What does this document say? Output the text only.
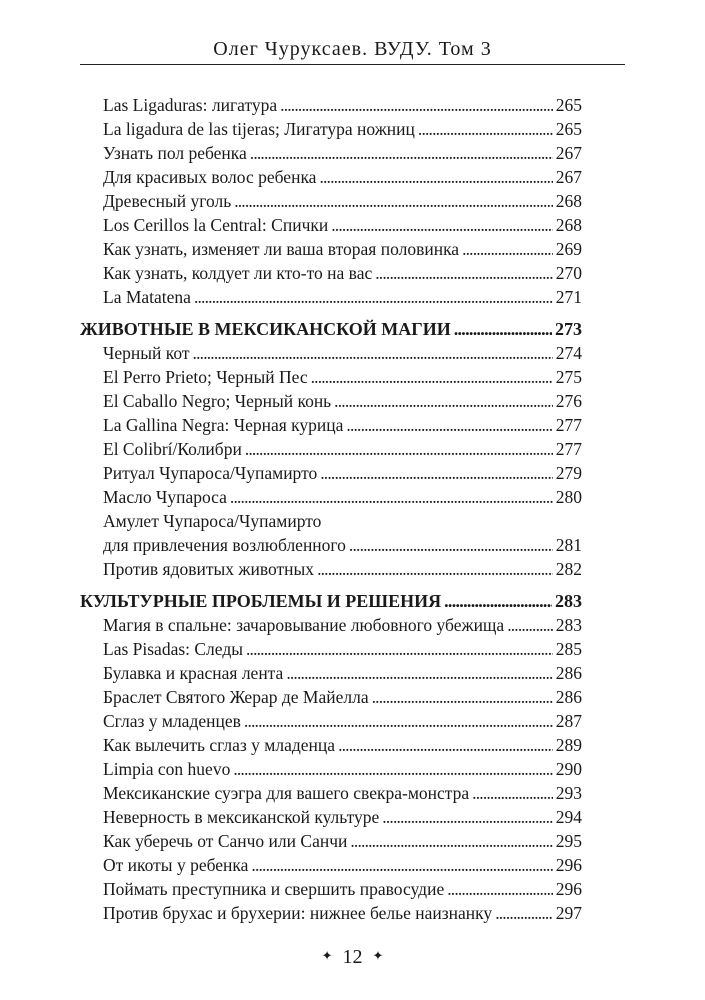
Олег Чуруксаев. ВУДУ. Том 3
Las Ligaduras: лигатура . . .	265
La ligadura de las tijeras; Лигатура ножниц . . .	265
Узнать пол ребенка . . .	267
Для красивых волос ребенка . . .	267
Древесный уголь . . .	268
Los Cerillos la Central: Спички . . .	268
Как узнать, изменяет ли ваша вторая половинка . . .	269
Как узнать, колдует ли кто-то на вас . . .	270
La Matatena . . .	271
ЖИВОТНЫЕ В МЕКСИКАНСКОЙ МАГИИ . . .	273
Черный кот . . .	274
El Perro Prieto; Черный Пес . . .	275
El Caballo Negro; Черный конь . . .	276
La Gallina Negra: Черная курица . . .	277
El Colibrí/Колибри . . .	277
Ритуал Чупароса/Чупамирто . . .	279
Масло Чупароса . . .	280
Амулет Чупароса/Чупамирто
для привлечения возлюбленного . . .	281
Против ядовитых животных . . .	282
КУЛЬТУРНЫЕ ПРОБЛЕМЫ И РЕШЕНИЯ . . .	283
Магия в спальне: зачаровывание любовного убежища . . .	283
Las Pisadas: Следы . . .	285
Булавка и красная лента . . .	286
Браслет Святого Жерар де Майелла . . .	286
Сглаз у младенцев . . .	287
Как вылечить сглаз у младенца . . .	289
Limpia con huevo . . .	290
Мексиканские суэгра для вашего свекра-монстра . . .	293
Неверность в мексиканской культуре . . .	294
Как уберечь от Санчо или Санчи . . .	295
От икоты у ребенка . . .	296
Поймать преступника и свершить правосудие . . .	296
Против брухас и брухерии: нижнее белье наизнанку . . .	297
✦ 12 ✦
